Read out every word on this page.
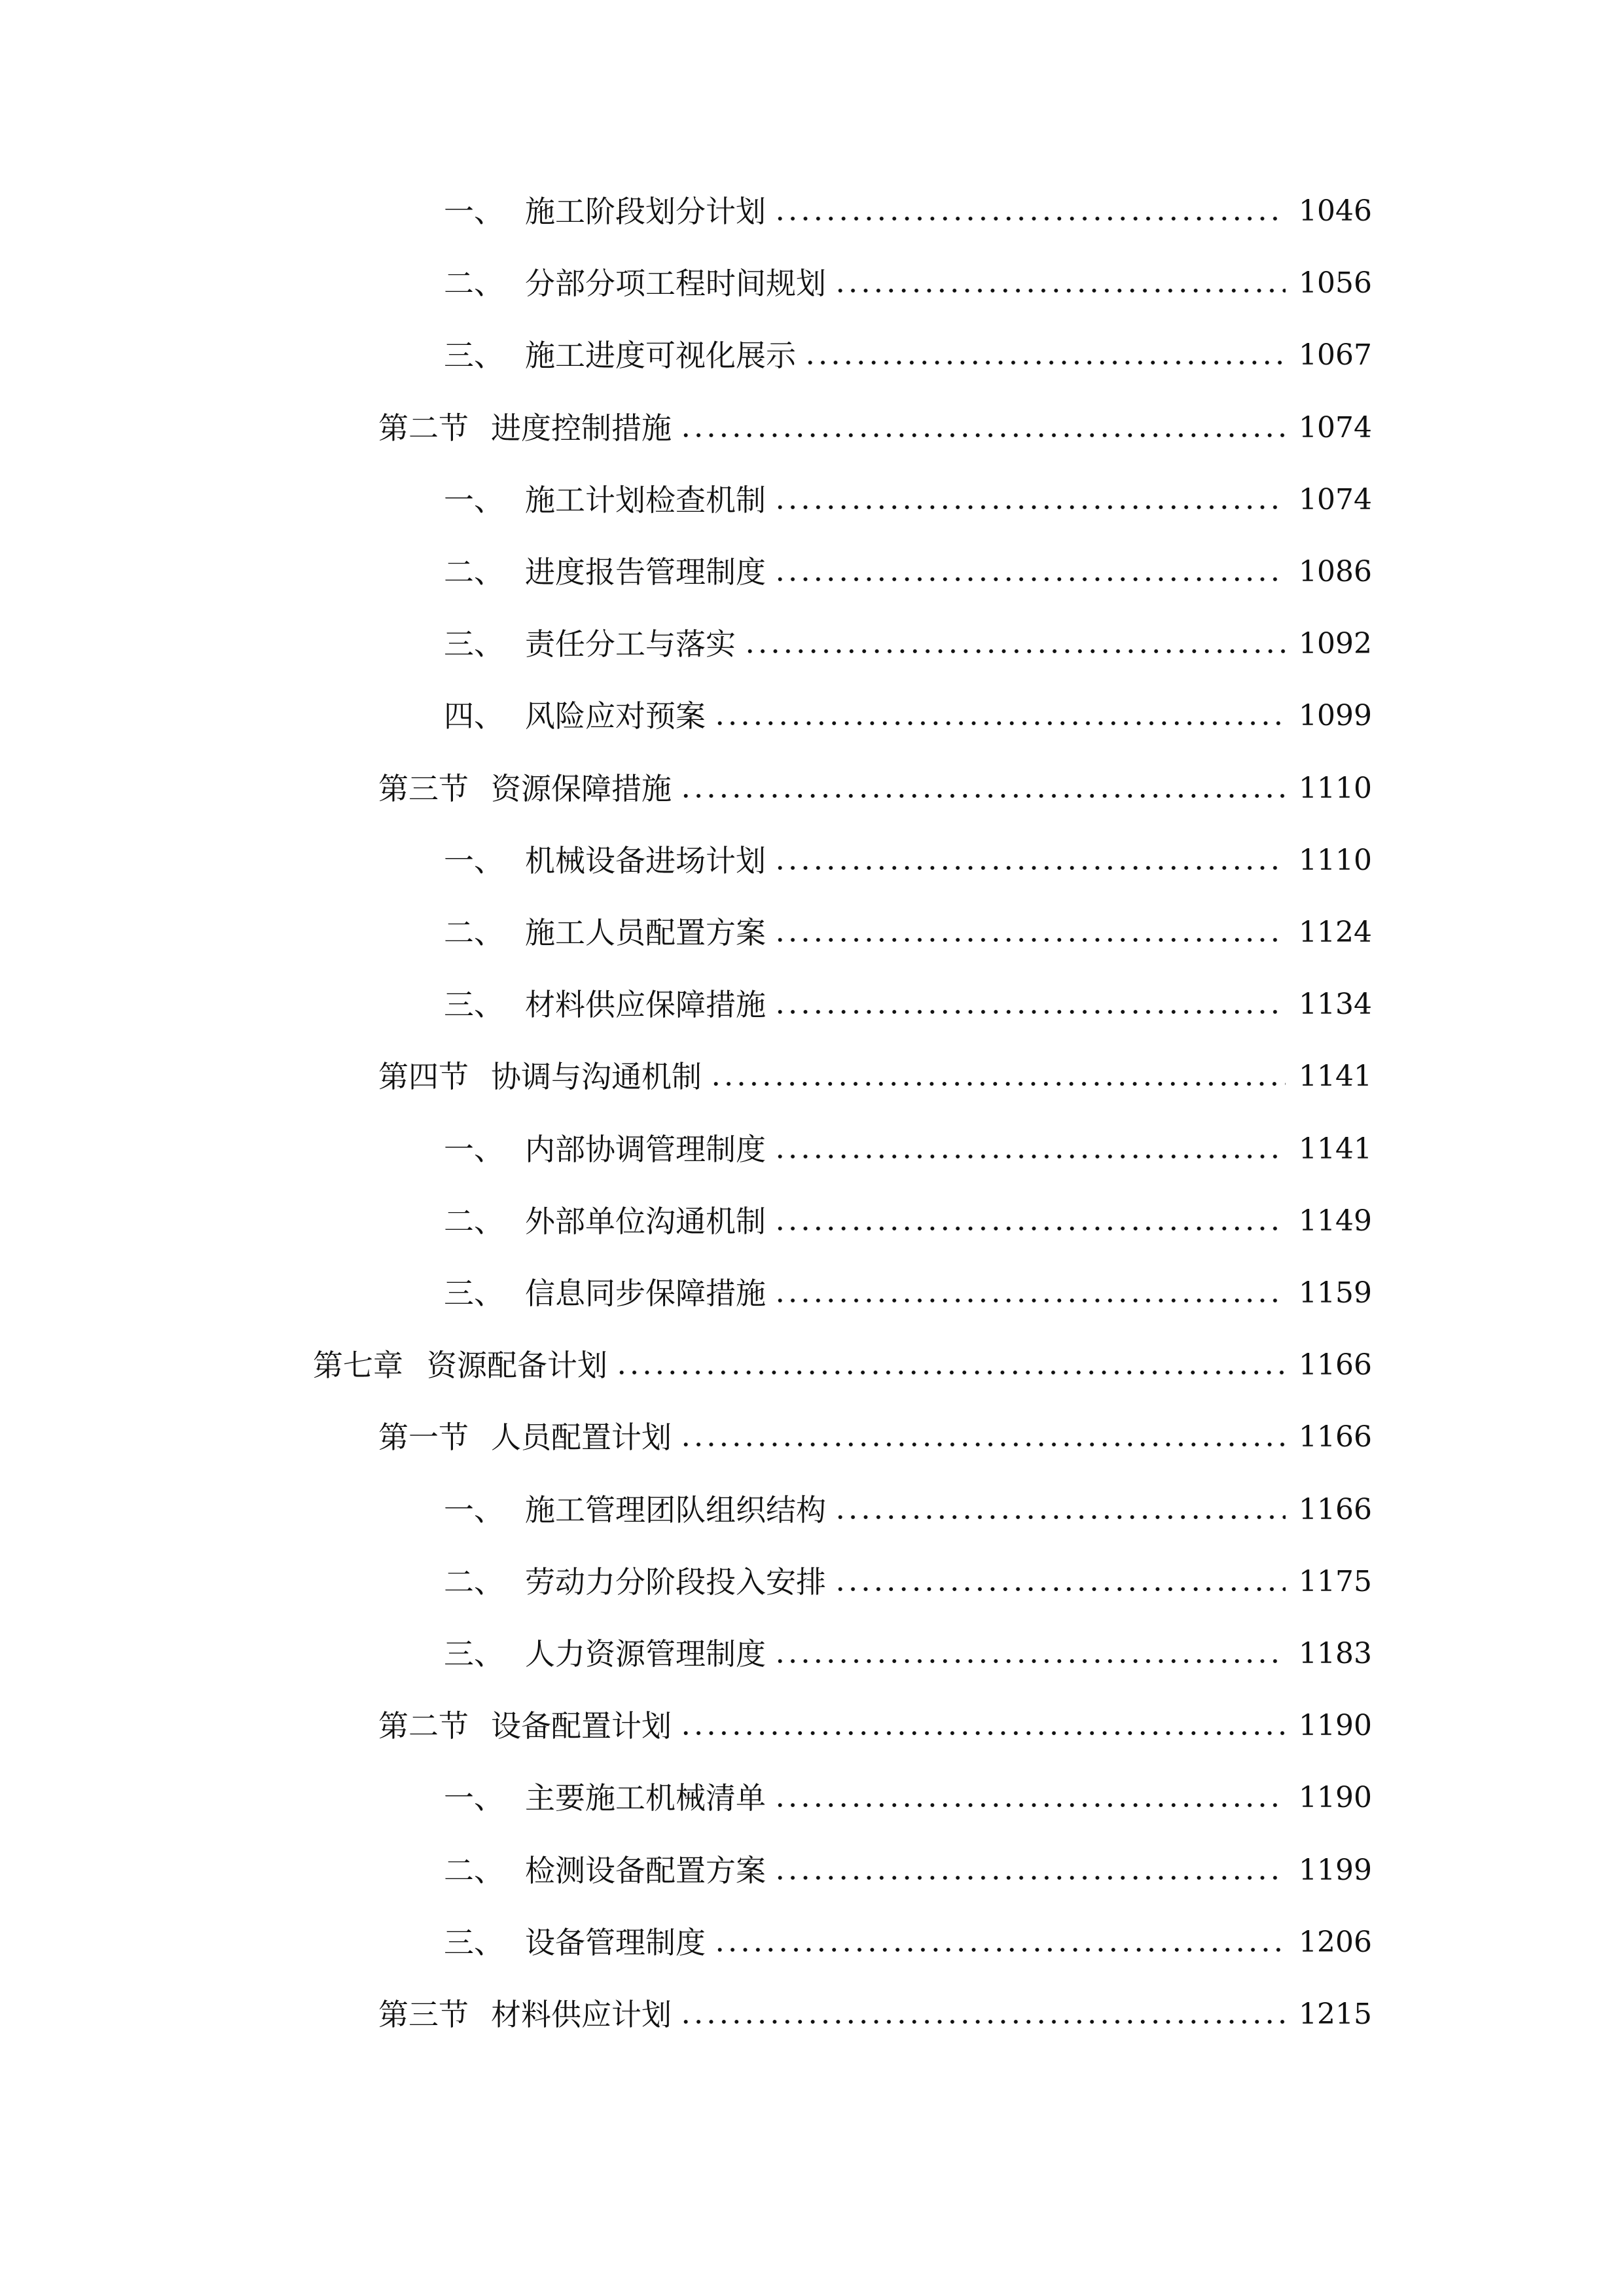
一、 施工阶段划分计划	1046
二、 分部分项工程时间规划	1056
三、 施工进度可视化展示	1067
第二节 进度控制措施	1074
一、 施工计划检查机制	1074
二、 进度报告管理制度	1086
三、 责任分工与落实	1092
四、 风险应对预案	1099
第三节 资源保障措施	1110
一、 机械设备进场计划	1110
二、 施工人员配置方案	1124
三、 材料供应保障措施	1134
第四节 协调与沟通机制	1141
一、 内部协调管理制度	1141
二、 外部单位沟通机制	1149
三、 信息同步保障措施	1159
第七章 资源配备计划	1166
第一节 人员配置计划	1166
一、 施工管理团队组织结构	1166
二、 劳动力分阶段投入安排	1175
三、 人力资源管理制度	1183
第二节 设备配置计划	1190
一、 主要施工机械清单	1190
二、 检测设备配置方案	1199
三、 设备管理制度	1206
第三节 材料供应计划	1215
